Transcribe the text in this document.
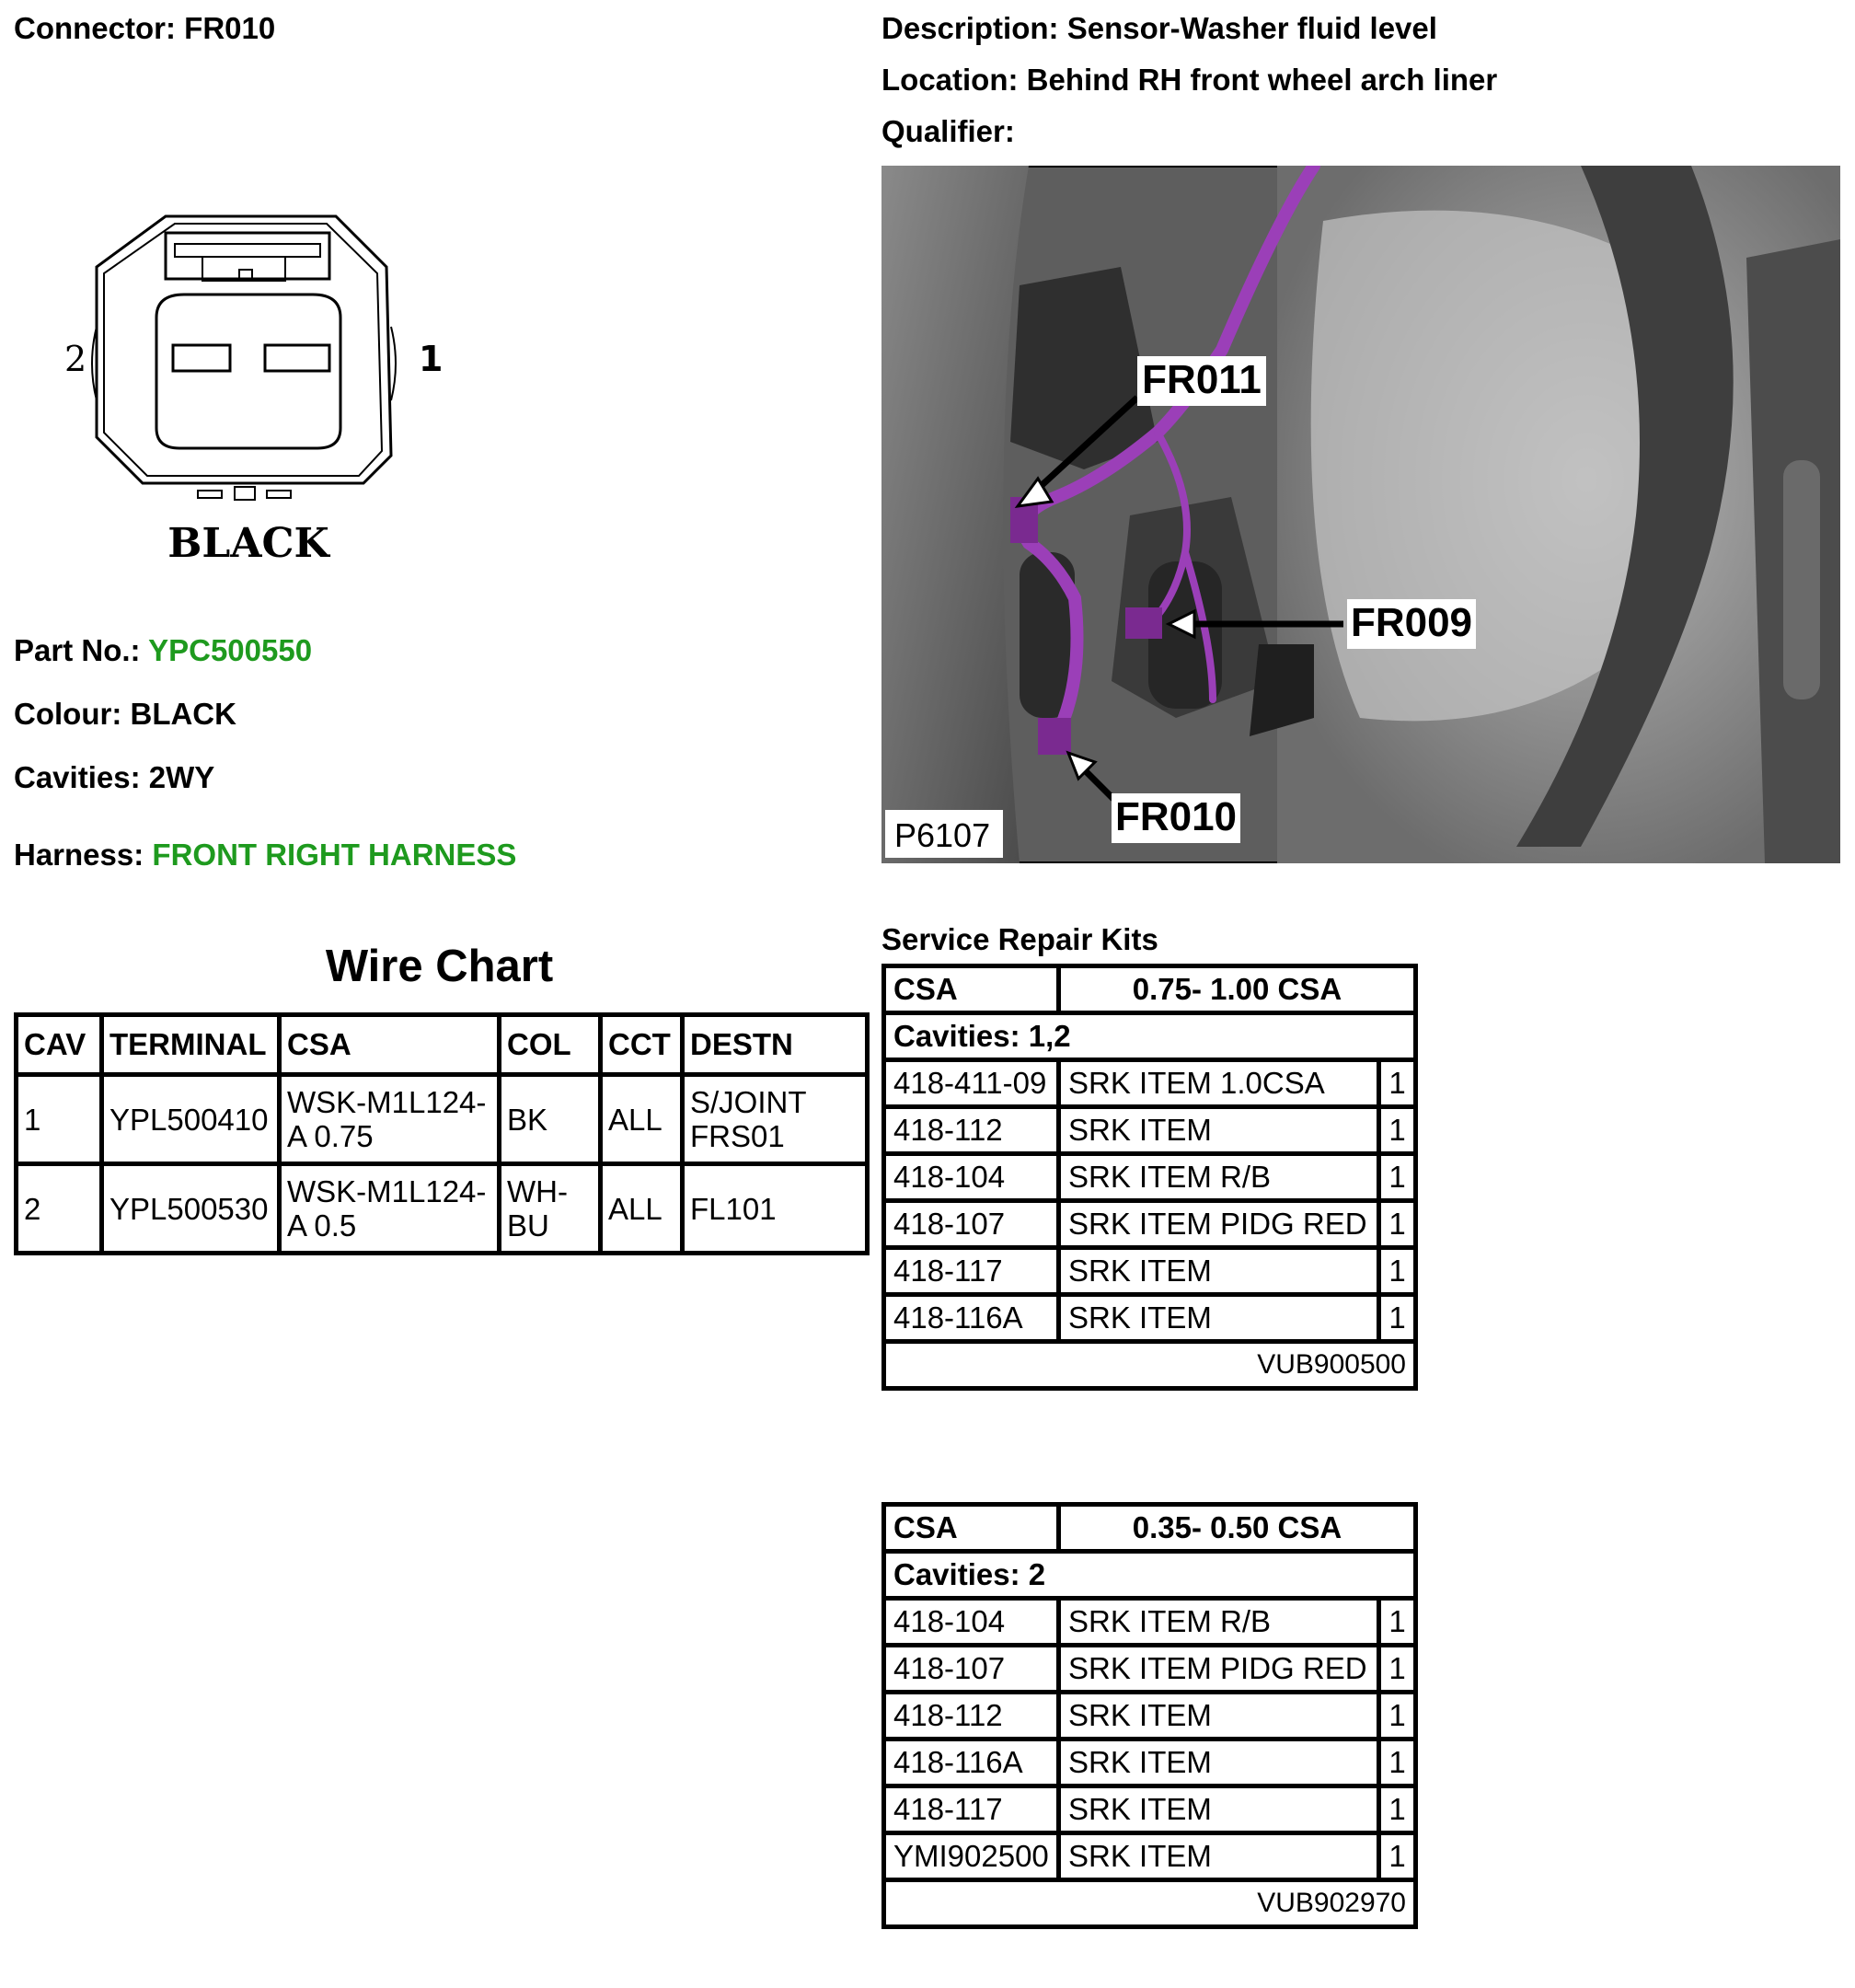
Connector: FR010	Description: Sensor-Washer fluid level
Location: Behind RH front wheel arch liner
Qualifier:
2	1
BLACK
Part No.: YPC500550
Colour: BLACK
Cavities: 2WY
Harness: FRONT RIGHT HARNESS
FR011
FR009
FR010
P6107
Wire Chart
CAV	TERMINAL	CSA	COL	CCT	DESTN
1	YPL500410	WSK-M1L124-A 0.75	BK	ALL	S/JOINT FRS01
2	YPL500530	WSK-M1L124-A 0.5	WH-BU	ALL	FL101
Service Repair Kits
CSA	0.75- 1.00 CSA	
Cavities: 1,2		
418-411-09	SRK ITEM 1.0CSA	1
418-112	SRK ITEM	1
418-104	SRK ITEM R/B	1
418-107	SRK ITEM PIDG RED	1
418-117	SRK ITEM	1
418-116A	SRK ITEM	1
VUB900500		
CSA	0.35- 0.50 CSA	
Cavities: 2		
418-104	SRK ITEM R/B	1
418-107	SRK ITEM PIDG RED	1
418-112	SRK ITEM	1
418-116A	SRK ITEM	1
418-117	SRK ITEM	1
YMI902500	SRK ITEM	1
VUB902970		
